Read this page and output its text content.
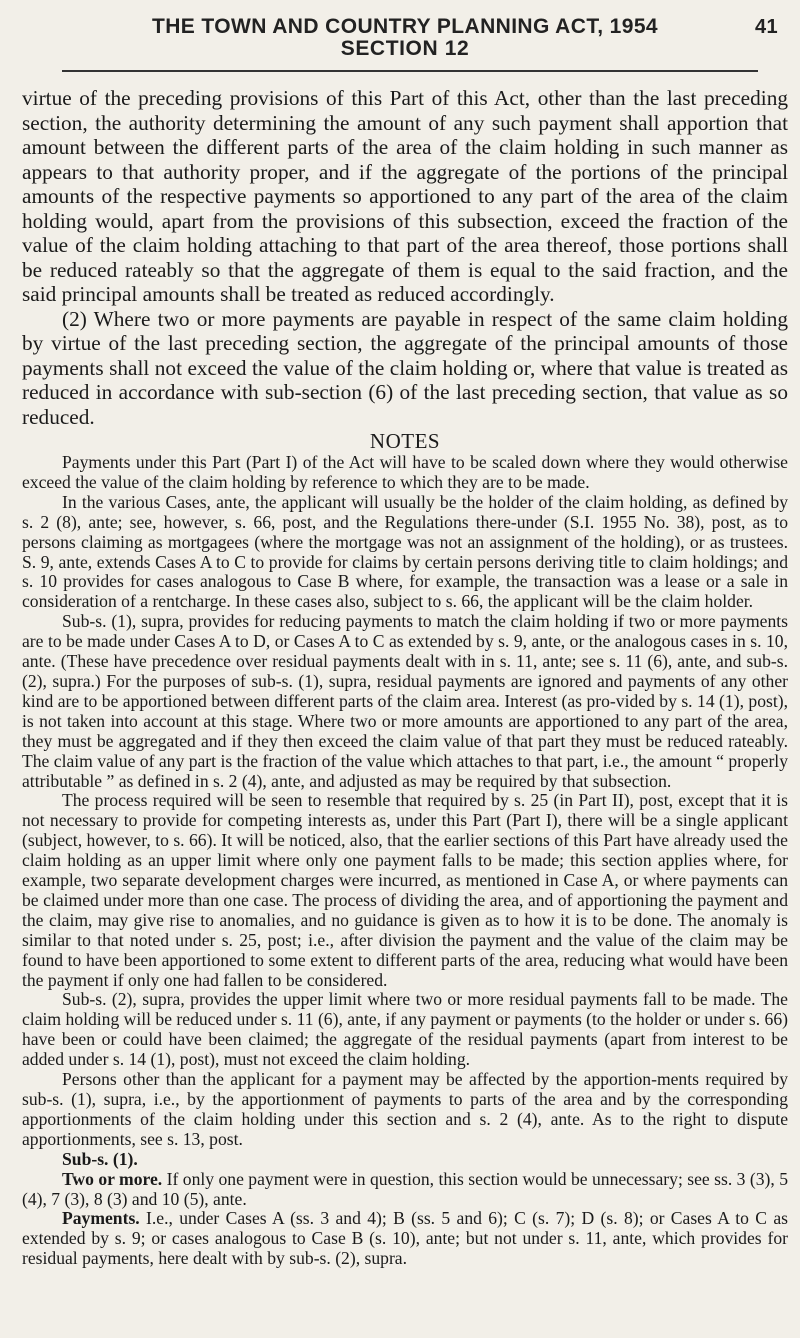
THE TOWN AND COUNTRY PLANNING ACT, 1954	41
SECTION 12

virtue of the preceding provisions of this Part of this Act, other than the last preceding section, the authority determining the amount of any such payment shall apportion that amount between the different parts of the area of the claim holding in such manner as appears to that authority proper, and if the aggregate of the portions of the principal amounts of the respective payments so apportioned to any part of the area of the claim holding would, apart from the provisions of this subsection, exceed the fraction of the value of the claim holding attaching to that part of the area thereof, those portions shall be reduced rateably so that the aggregate of them is equal to the said fraction, and the said principal amounts shall be treated as reduced accordingly.

(2) Where two or more payments are payable in respect of the same claim holding by virtue of the last preceding section, the aggregate of the principal amounts of those payments shall not exceed the value of the claim holding or, where that value is treated as reduced in accordance with sub-section (6) of the last preceding section, that value as so reduced.

NOTES

Payments under this Part (Part I) of the Act will have to be scaled down where they would otherwise exceed the value of the claim holding by reference to which they are to be made.

In the various Cases, ante, the applicant will usually be the holder of the claim holding, as defined by s. 2 (8), ante; see, however, s. 66, post, and the Regulations there-under (S.I. 1955 No. 38), post, as to persons claiming as mortgagees (where the mortgage was not an assignment of the holding), or as trustees. S. 9, ante, extends Cases A to C to provide for claims by certain persons deriving title to claim holdings; and s. 10 provides for cases analogous to Case B where, for example, the transaction was a lease or a sale in consideration of a rentcharge. In these cases also, subject to s. 66, the applicant will be the claim holder.

Sub-s. (1), supra, provides for reducing payments to match the claim holding if two or more payments are to be made under Cases A to D, or Cases A to C as extended by s. 9, ante, or the analogous cases in s. 10, ante. (These have precedence over residual payments dealt with in s. 11, ante; see s. 11 (6), ante, and sub-s. (2), supra.) For the purposes of sub-s. (1), supra, residual payments are ignored and payments of any other kind are to be apportioned between different parts of the claim area. Interest (as pro-vided by s. 14 (1), post), is not taken into account at this stage. Where two or more amounts are apportioned to any part of the area, they must be aggregated and if they then exceed the claim value of that part they must be reduced rateably. The claim value of any part is the fraction of the value which attaches to that part, i.e., the amount “ properly attributable ” as defined in s. 2 (4), ante, and adjusted as may be required by that subsection.

The process required will be seen to resemble that required by s. 25 (in Part II), post, except that it is not necessary to provide for competing interests as, under this Part (Part I), there will be a single applicant (subject, however, to s. 66). It will be noticed, also, that the earlier sections of this Part have already used the claim holding as an upper limit where only one payment falls to be made; this section applies where, for example, two separate development charges were incurred, as mentioned in Case A, or where payments can be claimed under more than one case. The process of dividing the area, and of apportioning the payment and the claim, may give rise to anomalies, and no guidance is given as to how it is to be done. The anomaly is similar to that noted under s. 25, post; i.e., after division the payment and the value of the claim may be found to have been apportioned to some extent to different parts of the area, reducing what would have been the payment if only one had fallen to be considered.

Sub-s. (2), supra, provides the upper limit where two or more residual payments fall to be made. The claim holding will be reduced under s. 11 (6), ante, if any payment or payments (to the holder or under s. 66) have been or could have been claimed; the aggregate of the residual payments (apart from interest to be added under s. 14 (1), post), must not exceed the claim holding.

Persons other than the applicant for a payment may be affected by the apportion-ments required by sub-s. (1), supra, i.e., by the apportionment of payments to parts of the area and by the corresponding apportionments of the claim holding under this section and s. 2 (4), ante. As to the right to dispute apportionments, see s. 13, post.

Sub-s. (1).

Two or more. If only one payment were in question, this section would be unnecessary; see ss. 3 (3), 5 (4), 7 (3), 8 (3) and 10 (5), ante.

Payments. I.e., under Cases A (ss. 3 and 4); B (ss. 5 and 6); C (s. 7); D (s. 8); or Cases A to C as extended by s. 9; or cases analogous to Case B (s. 10), ante; but not under s. 11, ante, which provides for residual payments, here dealt with by sub-s. (2), supra.
